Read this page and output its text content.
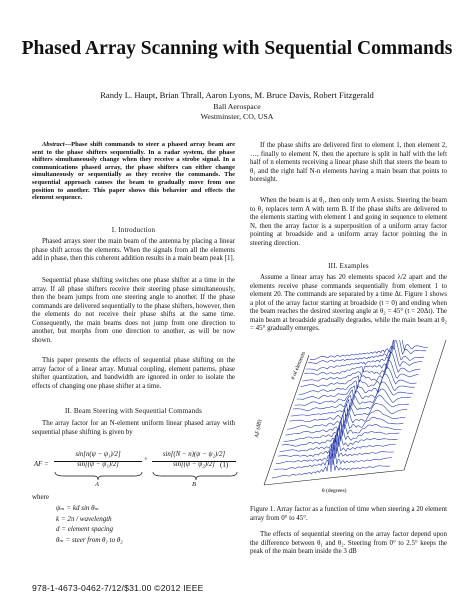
Phased Array Scanning with Sequential Commands
Randy L. Haupt, Brian Thrall, Aaron Lyons, M. Bruce Davis, Robert Fitzgerald
Ball Aerospace
Westminster, CO, USA

Abstract—Phase shift commands to steer a phased array beam are sent to the phase shifters sequentially. In a radar system, the phase shifters simultaneously change when they receive a strobe signal. In a communications phased array, the phase shifters can either change simultaneously or sequentially as they receive the commands. The sequential approach causes the beam to gradually move from one position to another. This paper shows this behavior and effects the element sequence.

I. Introduction

Phased arrays steer the main beam of the antenna by placing a linear phase shift across the elements. When the signals from all the elements add in phase, then this coherent addition results in a main beam peak [1].

Sequential phase shifting switches one phase shifter at a time in the array. If all phase shifters receive their steering phase simultaneously, then the beam jumps from one steering angle to another. If the phase commands are delivered sequentially to the phase shifters, however, then the elements do not receive their phase shifts at the same time. Consequently, the main beams does not jump from one direction to another, but morphs from one direction to another, as will be now shown.

This paper presents the effects of sequential phase shifting on the array factor of a linear array. Mutual coupling, element patterns, phase shifter quantization, and bandwidth are ignored in order to isolate the effects of changing one phase shifter at a time.

II. Beam Steering with Sequential Commands

The array factor for an N-element uniform linear phased array with sequential phase shifting is given by

AF =
sin[n(ψ − ψ₁)/2]
sin[(ψ − ψ₁)/2]
+
sin[(N − n)(ψ − ψ₂)/2]
sin[(ψ − ψ₂)/2]
A	B
(1)
where
ψₘ = kd sin θₘ
k = 2π / wavelength
d = element spacing
θₘ = steer from θ₁ to θ₂

If the phase shifts are delivered first to element 1, then element 2, …, finally to element N, then the aperture is split in half with the left half of n elements receiving a linear phase shift that steers the beam to θ₁ and the right half N-n elements having a main beam that points to boresight.

When the beam is at θ₁, then only term A exists. Steering the beam to θ₂ replaces term A with term B. If the phase shifts are delivered to the elements starting with element 1 and going in sequence to element N, then the array factor is a superposition of a uniform array factor pointing at broadside and a uniform array factor pointing the in steering direction.

III. Examples

Assume a linear array has 20 elements spaced λ/2 apart and the elements receive phase commands sequentially from element 1 to element 20. The commands are separated by a time Δt. Figure 1 shows a plot of the array factor starting at broadside (t = 0) and ending when the beam reaches the desired steering angle at θ₂ = 45° (t = 20Δt). The main beam at broadside gradually degrades, while the main beam at θ₂ = 45° gradually emerges.

# of elements
θ (degrees)
AF (dB)

Figure 1. Array factor as a function of time when steering a 20 element array from 0° to 45°.

The effects of sequential steering on the array factor depend upon the difference between θ₁ and θ₂. Steering from 0° to 2.5° keeps the peak of the main beam inside the 3 dB

978-1-4673-0462-7/12/$31.00 ©2012 IEEE
